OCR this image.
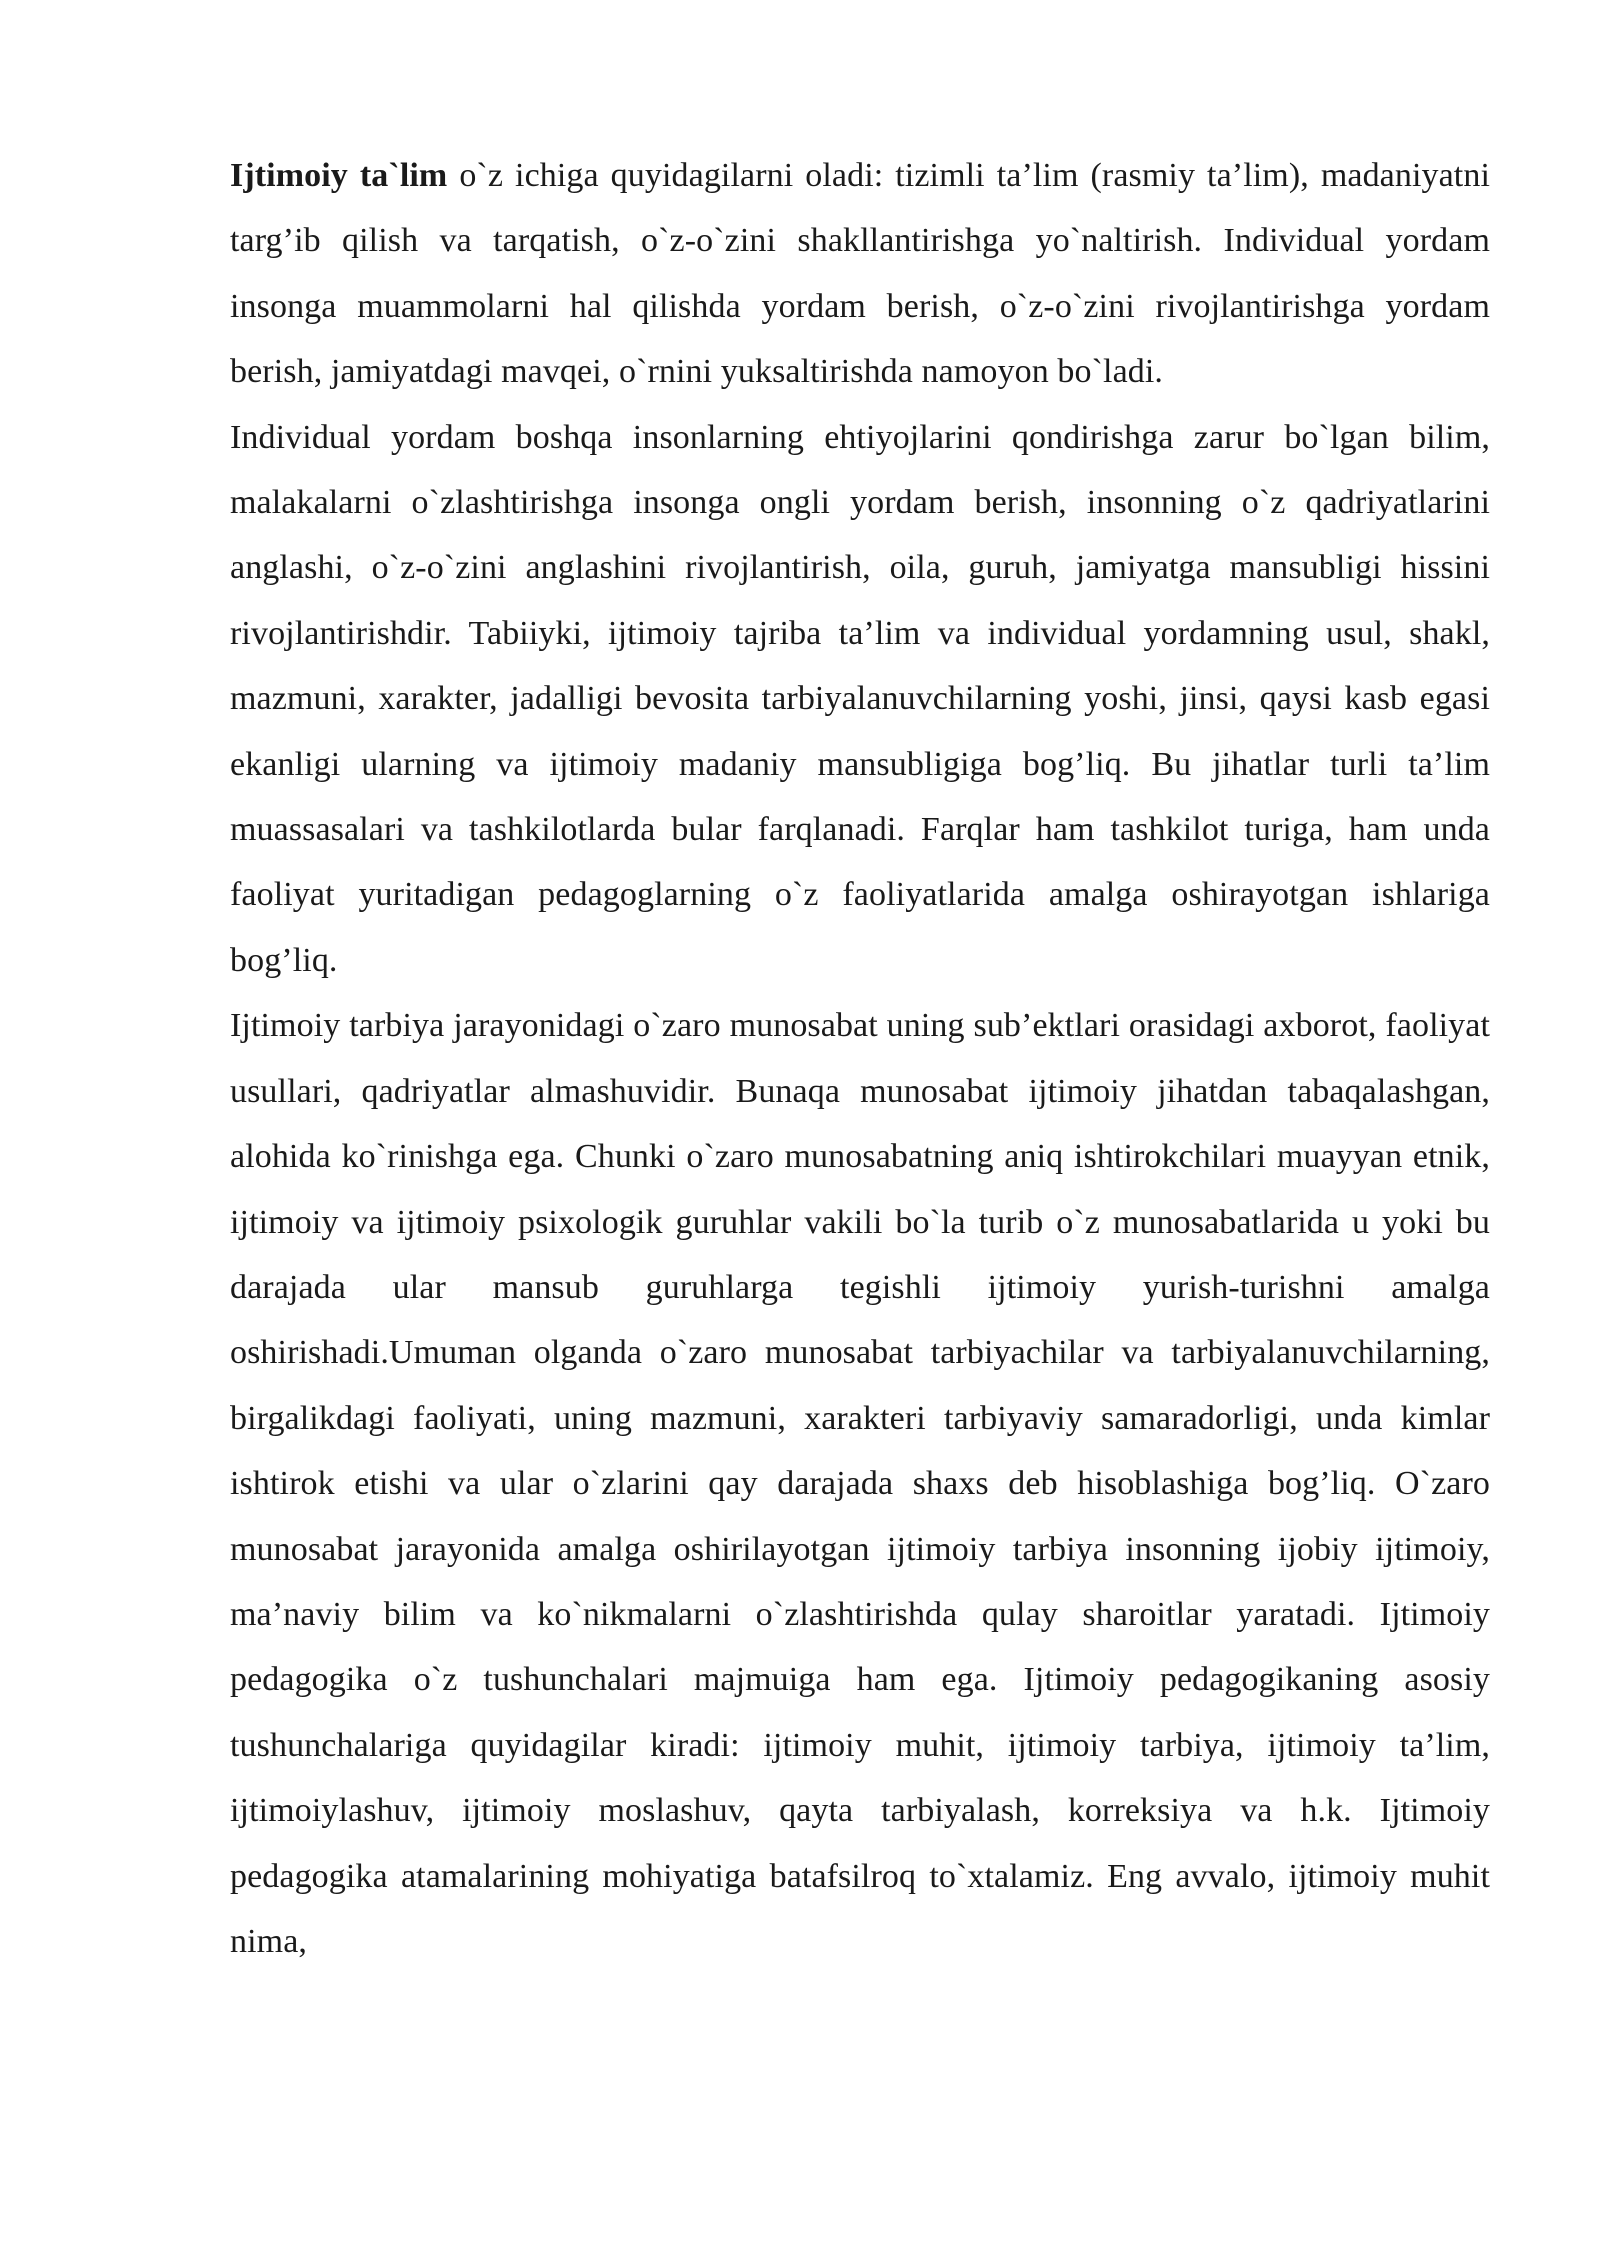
Ijtimoiy ta`lim o`z ichiga quyidagilarni oladi: tizimli ta’lim (rasmiy ta’lim), madaniyatni targ’ib qilish va tarqatish, o`z-o`zini shakllantirishga yo`naltirish. Individual yordam insonga muammolarni hal qilishda yordam berish, o`z-o`zini rivojlantirishga yordam berish, jamiyatdagi mavqei, o`rnini yuksaltirishda namoyon bo`ladi.

Individual yordam boshqa insonlarning ehtiyojlarini qondirishga zarur bo`lgan bilim, malakalarni o`zlashtirishga insonga ongli yordam berish, insonning o`z qadriyatlarini anglashi, o`z-o`zini anglashini rivojlantirish, oila, guruh, jamiyatga mansubligi hissini rivojlantirishdir. Tabiiyki, ijtimoiy tajriba ta’lim va individual yordamning usul, shakl, mazmuni, xarakter, jadalligi bevosita tarbiyalanuvchilarning yoshi, jinsi, qaysi kasb egasi ekanligi ularning va ijtimoiy madaniy mansubligiga bog’liq. Bu jihatlar turli ta’lim muassasalari va tashkilotlarda bular farqlanadi. Farqlar ham tashkilot turiga, ham unda faoliyat yuritadigan pedagoglarning o`z faoliyatlarida amalga oshirayotgan ishlariga bog’liq.

Ijtimoiy tarbiya jarayonidagi o`zaro munosabat uning sub’ektlari orasidagi axborot, faoliyat usullari, qadriyatlar almashuvidir. Bunaqa munosabat ijtimoiy jihatdan tabaqalashgan, alohida ko`rinishga ega. Chunki o`zaro munosabatning aniq ishtirokchilari muayyan etnik, ijtimoiy va ijtimoiy psixologik guruhlar vakili bo`la turib o`z munosabatlarida u yoki bu darajada ular mansub guruhlarga tegishli ijtimoiy yurish-turishni amalga oshirishadi.Umuman olganda o`zaro munosabat tarbiyachilar va tarbiyalanuvchilarning, birgalikdagi faoliyati, uning mazmuni, xarakteri tarbiyaviy samaradorligi, unda kimlar ishtirok etishi va ular o`zlarini qay darajada shaxs deb hisoblashiga bog’liq. O`zaro munosabat jarayonida amalga oshirilayotgan ijtimoiy tarbiya insonning ijobiy ijtimoiy, ma’naviy bilim va ko`nikmalarni o`zlashtirishda qulay sharoitlar yaratadi. Ijtimoiy pedagogika o`z tushunchalari majmuiga ham ega. Ijtimoiy pedagogikaning asosiy tushunchalariga quyidagilar kiradi: ijtimoiy muhit, ijtimoiy tarbiya, ijtimoiy ta’lim, ijtimoiylashuv, ijtimoiy moslashuv, qayta tarbiyalash, korreksiya va h.k. Ijtimoiy pedagogika atamalarining mohiyatiga batafsilroq to`xtalamiz. Eng avvalo, ijtimoiy muhit nima,
